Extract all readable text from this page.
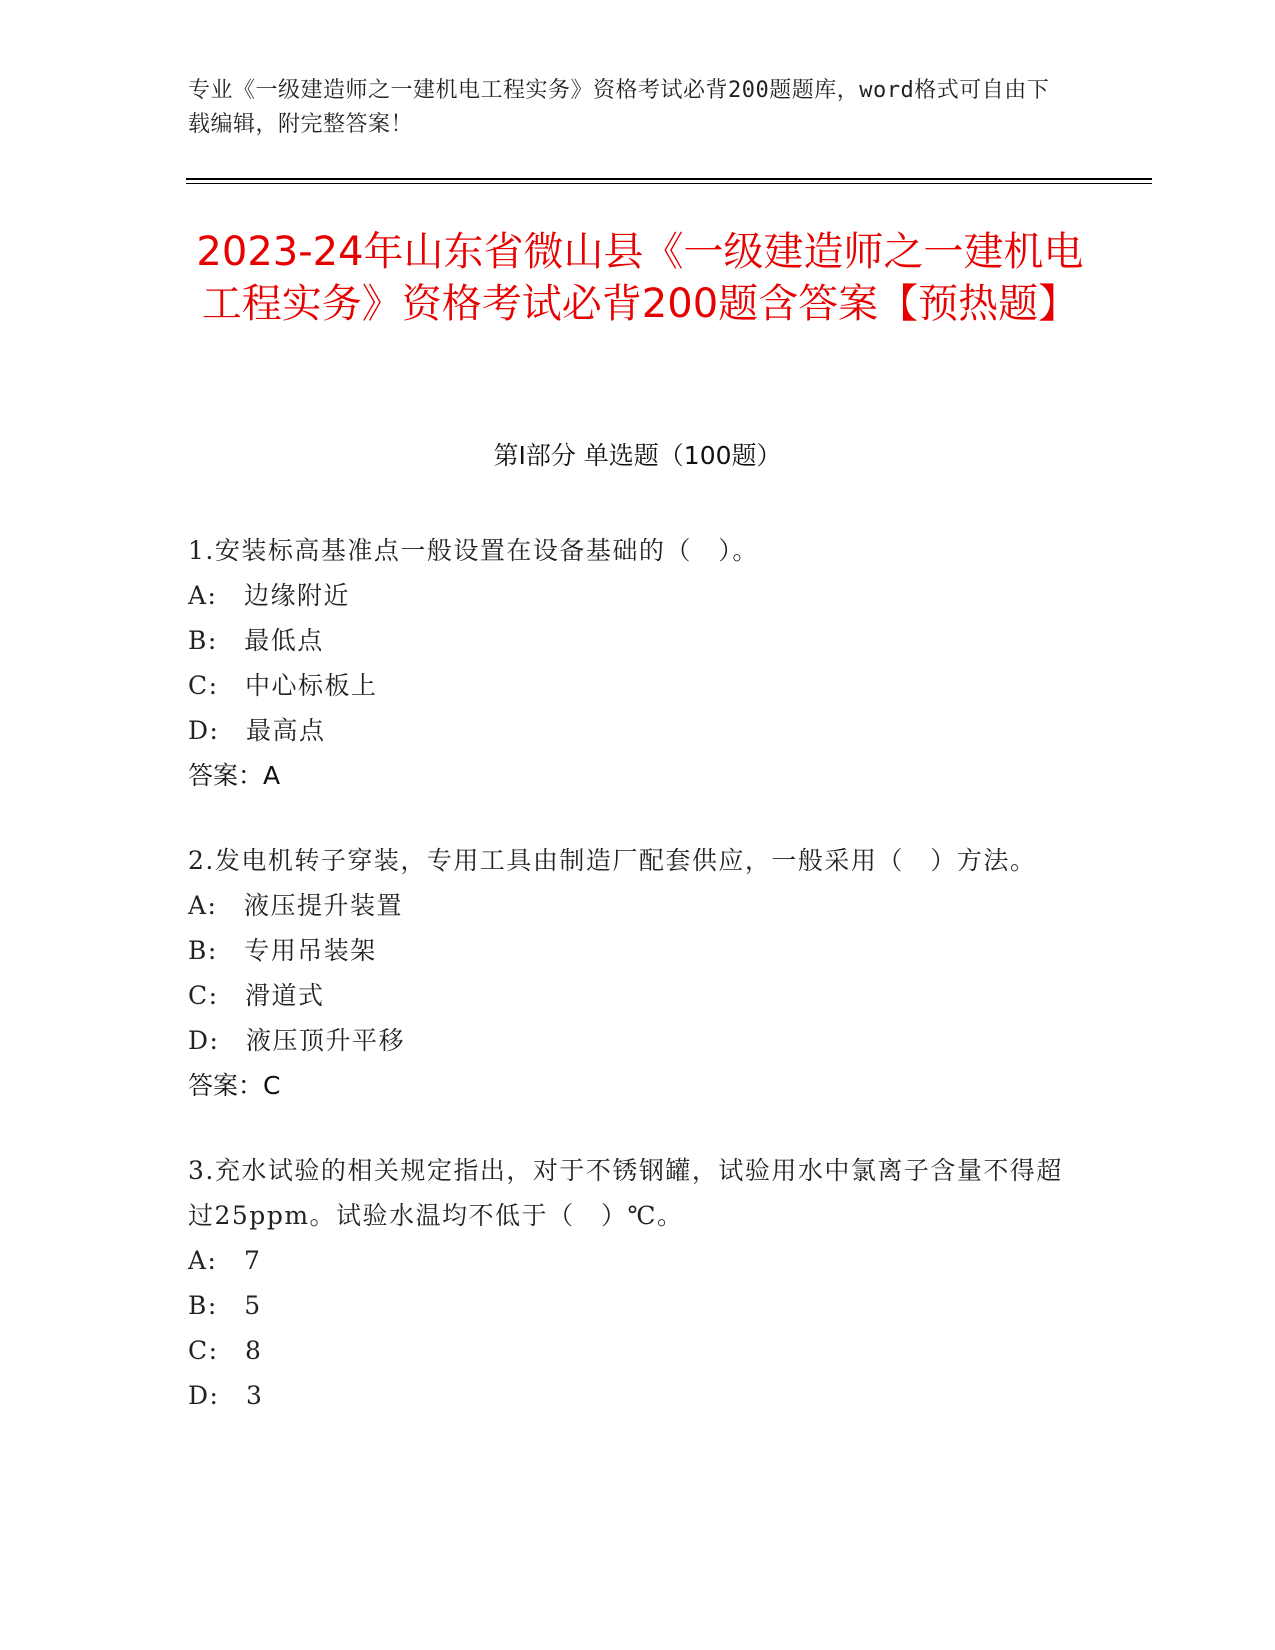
专业《一级建造师之一建机电工程实务》资格考试必背200题题库，word格式可自由下载编辑，附完整答案！
2023-24年山东省微山县《一级建造师之一建机电工程实务》资格考试必背200题含答案【预热题】
第Ⅰ部分 单选题（100题）
1.安装标高基准点一般设置在设备基础的（　）。
A:　边缘附近
B:　最低点
C:　中心标板上
D:　最高点
答案：A
2.发电机转子穿装，专用工具由制造厂配套供应，一般采用（　）方法。
A:　液压提升装置
B:　专用吊装架
C:　滑道式
D:　液压顶升平移
答案：C
3.充水试验的相关规定指出，对于不锈钢罐，试验用水中氯离子含量不得超过25ppm。试验水温均不低于（　）℃。
A:　7
B:　5
C:　8
D:　3
